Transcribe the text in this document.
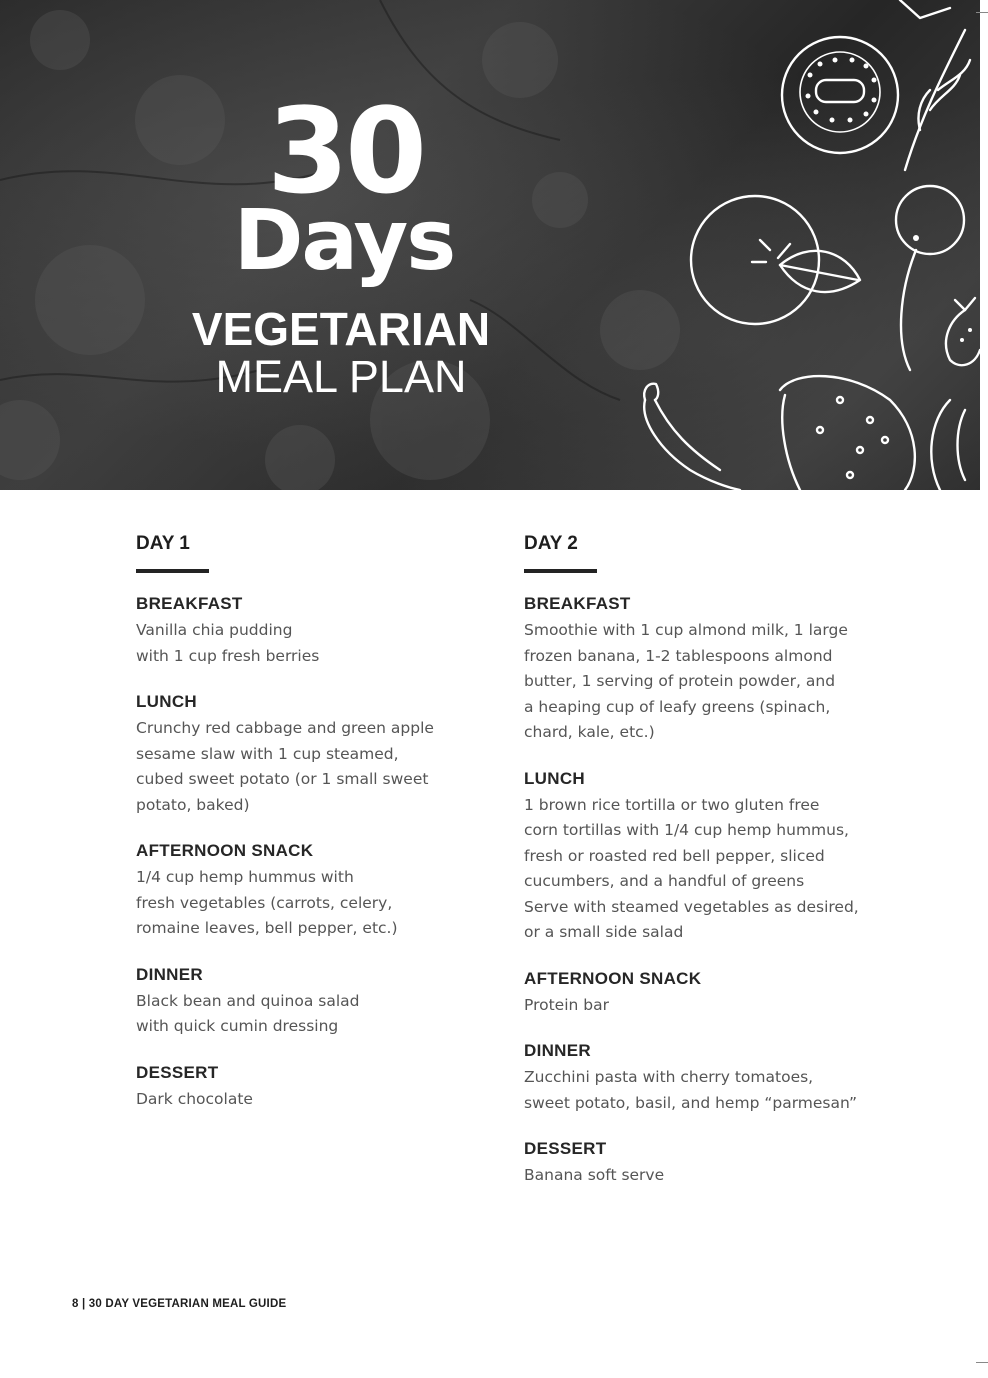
30
Days
VEGETARIAN
MEAL PLAN
DAY 1
BREAKFAST
Vanilla chia pudding
with 1 cup fresh berries
LUNCH
Crunchy red cabbage and green apple
sesame slaw with 1 cup steamed,
cubed sweet potato (or 1 small sweet
potato, baked)
AFTERNOON SNACK
1/4 cup hemp hummus with
fresh vegetables (carrots, celery,
romaine leaves, bell pepper, etc.)
DINNER
Black bean and quinoa salad
with quick cumin dressing
DESSERT
Dark chocolate
DAY 2
BREAKFAST
Smoothie with 1 cup almond milk, 1 large
frozen banana, 1-2 tablespoons almond
butter, 1 serving of protein powder, and
a heaping cup of leafy greens (spinach,
chard, kale, etc.)
LUNCH
1 brown rice tortilla or two gluten free
corn tortillas with 1/4 cup hemp hummus,
fresh or roasted red bell pepper, sliced
cucumbers, and a handful of greens
Serve with steamed vegetables as desired,
or a small side salad
AFTERNOON SNACK
Protein bar
DINNER
Zucchini pasta with cherry tomatoes,
sweet potato, basil, and hemp “parmesan”
DESSERT
Banana soft serve
8 | 30 DAY VEGETARIAN MEAL GUIDE
